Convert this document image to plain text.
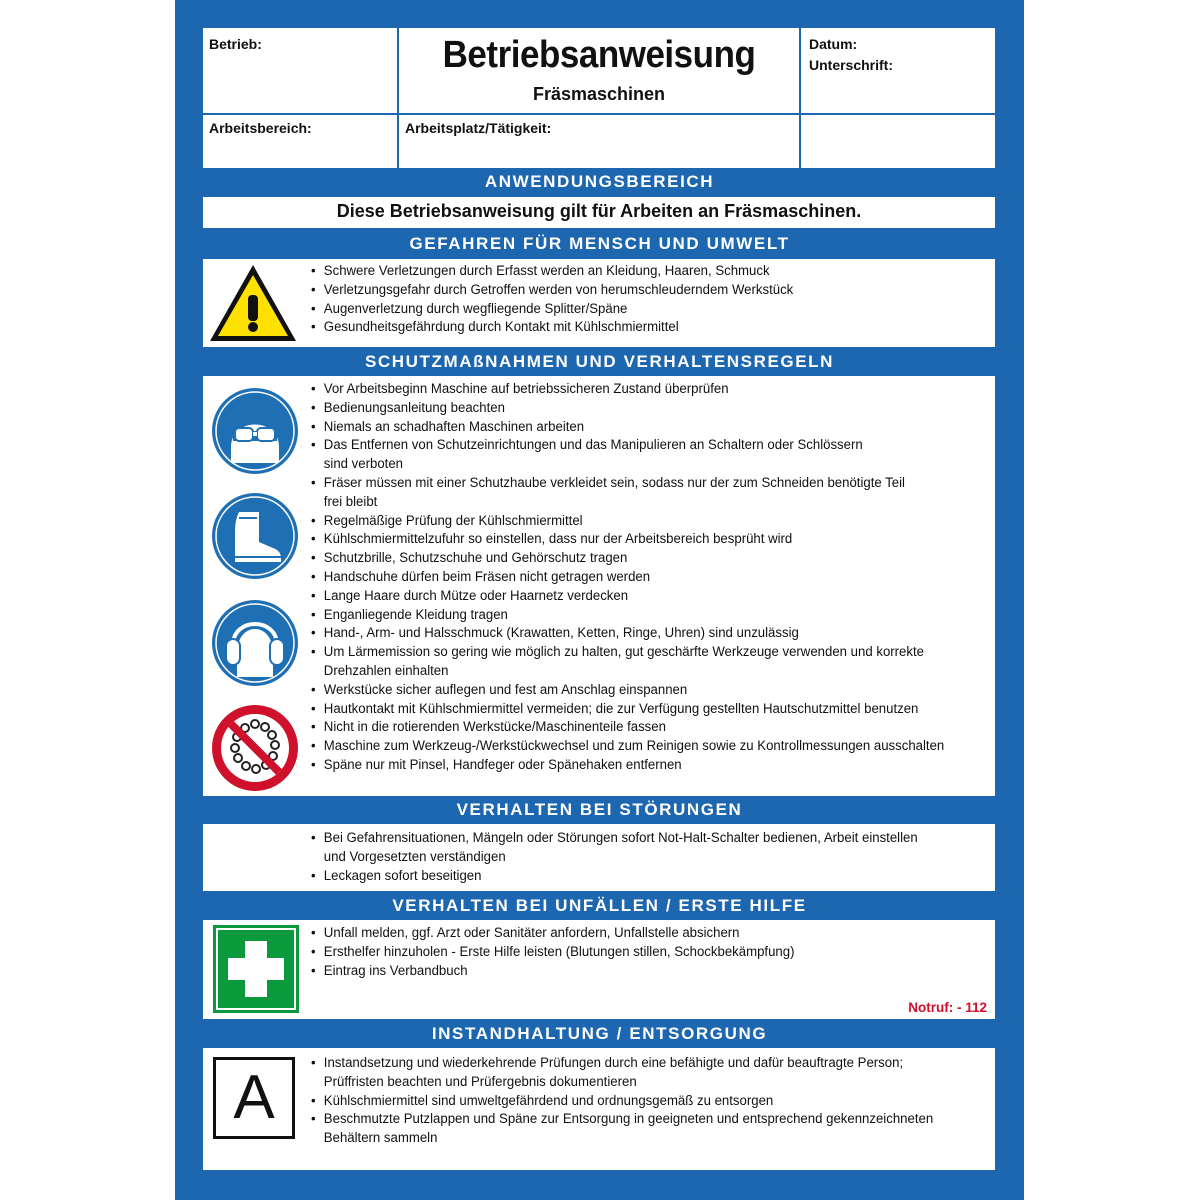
Betrieb:	Betriebsanweisung
Fräsmaschinen
Datum:
Unterschrift:
Arbeitsbereich:	Arbeitsplatz/Tätigkeit:
ANWENDUNGSBEREICH
Diese Betriebsanweisung gilt für Arbeiten an Fräsmaschinen.
GEFAHREN FÜR MENSCH UND UMWELT
• Schwere Verletzungen durch Erfasst werden an Kleidung, Haaren, Schmuck
• Verletzungsgefahr durch Getroffen werden von herumschleuderndem Werkstück
• Augenverletzung durch wegfliegende Splitter/Späne
• Gesundheitsgefährdung durch Kontakt mit Kühlschmiermittel
SCHUTZMAßNAHMEN UND VERHALTENSREGELN
• Vor Arbeitsbeginn Maschine auf betriebssicheren Zustand überprüfen
• Bedienungsanleitung beachten
• Niemals an schadhaften Maschinen arbeiten
• Das Entfernen von Schutzeinrichtungen und das Manipulieren an Schaltern oder Schlössern
sind verboten
• Fräser müssen mit einer Schutzhaube verkleidet sein, sodass nur der zum Schneiden benötigte Teil
frei bleibt
• Regelmäßige Prüfung der Kühlschmiermittel
• Kühlschmiermittelzufuhr so einstellen, dass nur der Arbeitsbereich besprüht wird
• Schutzbrille, Schutzschuhe und Gehörschutz tragen
• Handschuhe dürfen beim Fräsen nicht getragen werden
• Lange Haare durch Mütze oder Haarnetz verdecken
• Enganliegende Kleidung tragen
• Hand-, Arm- und Halsschmuck (Krawatten, Ketten, Ringe, Uhren) sind unzulässig
• Um Lärmemission so gering wie möglich zu halten, gut geschärfte Werkzeuge verwenden und korrekte
Drehzahlen einhalten
• Werkstücke sicher auflegen und fest am Anschlag einspannen
• Hautkontakt mit Kühlschmiermittel vermeiden; die zur Verfügung gestellten Hautschutzmittel benutzen
• Nicht in die rotierenden Werkstücke/Maschinenteile fassen
• Maschine zum Werkzeug-/Werkstückwechsel und zum Reinigen sowie zu Kontrollmessungen ausschalten
• Späne nur mit Pinsel, Handfeger oder Spänehaken entfernen
VERHALTEN BEI STÖRUNGEN
• Bei Gefahrensituationen, Mängeln oder Störungen sofort Not-Halt-Schalter bedienen, Arbeit einstellen
und Vorgesetzten verständigen
• Leckagen sofort beseitigen
VERHALTEN BEI UNFÄLLEN / ERSTE HILFE
• Unfall melden, ggf. Arzt oder Sanitäter anfordern, Unfallstelle absichern
• Ersthelfer hinzuholen - Erste Hilfe leisten (Blutungen stillen, Schockbekämpfung)
• Eintrag ins Verbandbuch
Notruf: - 112
INSTANDHALTUNG / ENTSORGUNG
A
• Instandsetzung und wiederkehrende Prüfungen durch eine befähigte und dafür beauftragte Person;
Prüffristen beachten und Prüfergebnis dokumentieren
• Kühlschmiermittel sind umweltgefährdend und ordnungsgemäß zu entsorgen
• Beschmutzte Putzlappen und Späne zur Entsorgung in geeigneten und entsprechend gekennzeichneten
Behältern sammeln
